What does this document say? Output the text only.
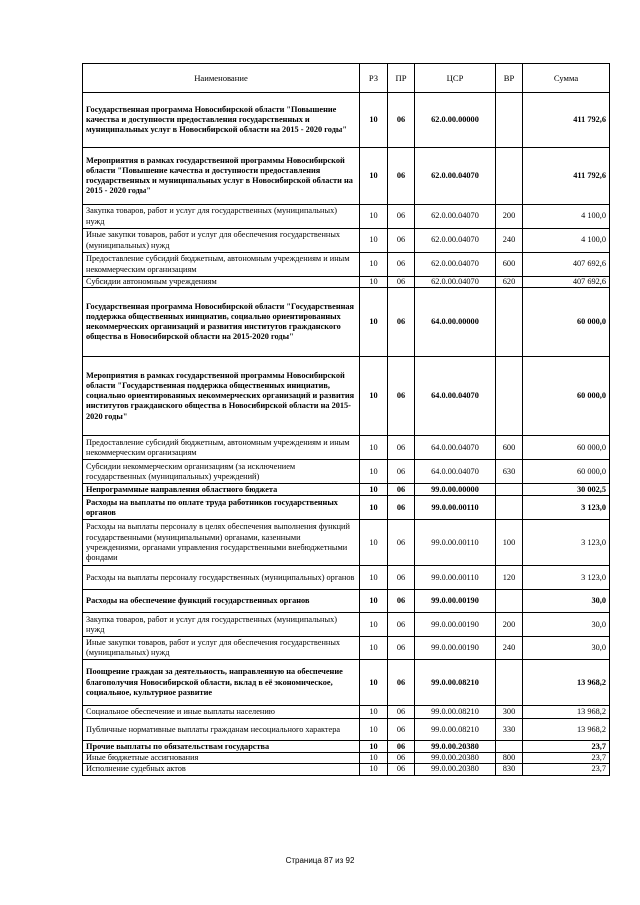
Наименование	РЗ	ПР	ЦСР	ВР	Сумма
Государственная программа Новосибирской области "Повышение качества и доступности предоставления государственных и муниципальных услуг в Новосибирской области на 2015 - 2020 годы"	10	06	62.0.00.00000		411 792,6
Мероприятия в рамках государственной программы Новосибирской области "Повышение качества и доступности предоставления государственных и муниципальных услуг в Новосибирской области на 2015 - 2020 годы"	10	06	62.0.00.04070		411 792,6
Закупка товаров, работ и услуг для государственных (муниципальных) нужд	10	06	62.0.00.04070	200	4 100,0
Иные закупки товаров, работ и услуг для обеспечения государственных (муниципальных) нужд	10	06	62.0.00.04070	240	4 100,0
Предоставление субсидий бюджетным, автономным учреждениям и иным некоммерческим организациям	10	06	62.0.00.04070	600	407 692,6
Субсидии автономным учреждениям	10	06	62.0.00.04070	620	407 692,6
Государственная программа Новосибирской области "Государственная поддержка общественных инициатив, социально ориентированных некоммерческих организаций и развития институтов гражданского общества в Новосибирской области на 2015-2020 годы"	10	06	64.0.00.00000		60 000,0
Мероприятия в рамках государственной программы Новосибирской области "Государственная поддержка общественных инициатив, социально ориентированных некоммерческих организаций и развития институтов гражданского общества в Новосибирской области на 2015-2020 годы"	10	06	64.0.00.04070		60 000,0
Предоставление субсидий бюджетным, автономным учреждениям и иным некоммерческим организациям	10	06	64.0.00.04070	600	60 000,0
Субсидии некоммерческим организациям (за исключением государственных (муниципальных) учреждений)	10	06	64.0.00.04070	630	60 000,0
Непрограммные направления областного бюджета	10	06	99.0.00.00000		30 002,5
Расходы на выплаты по оплате труда работников государственных органов	10	06	99.0.00.00110		3 123,0
Расходы на выплаты персоналу в целях обеспечения выполнения функций государственными (муниципальными) органами, казенными учреждениями, органами управления государственными внебюджетными фондами	10	06	99.0.00.00110	100	3 123,0
Расходы на выплаты персоналу государственных (муниципальных) органов	10	06	99.0.00.00110	120	3 123,0
Расходы на обеспечение функций государственных органов	10	06	99.0.00.00190		30,0
Закупка товаров, работ и услуг для государственных (муниципальных) нужд	10	06	99.0.00.00190	200	30,0
Иные закупки товаров, работ и услуг для обеспечения государственных (муниципальных) нужд	10	06	99.0.00.00190	240	30,0
Поощрение граждан за деятельность, направленную на обеспечение благополучия Новосибирской области, вклад в её экономическое, социальное, культурное развитие	10	06	99.0.00.08210		13 968,2
Социальное обеспечение и иные выплаты населению	10	06	99.0.00.08210	300	13 968,2
Публичные нормативные выплаты гражданам несоциального характера	10	06	99.0.00.08210	330	13 968,2
Прочие выплаты по обязательствам государства	10	06	99.0.00.20380		23,7
Иные бюджетные ассигнования	10	06	99.0.00.20380	800	23,7
Исполнение судебных актов	10	06	99.0.00.20380	830	23,7
Страница 87 из 92
